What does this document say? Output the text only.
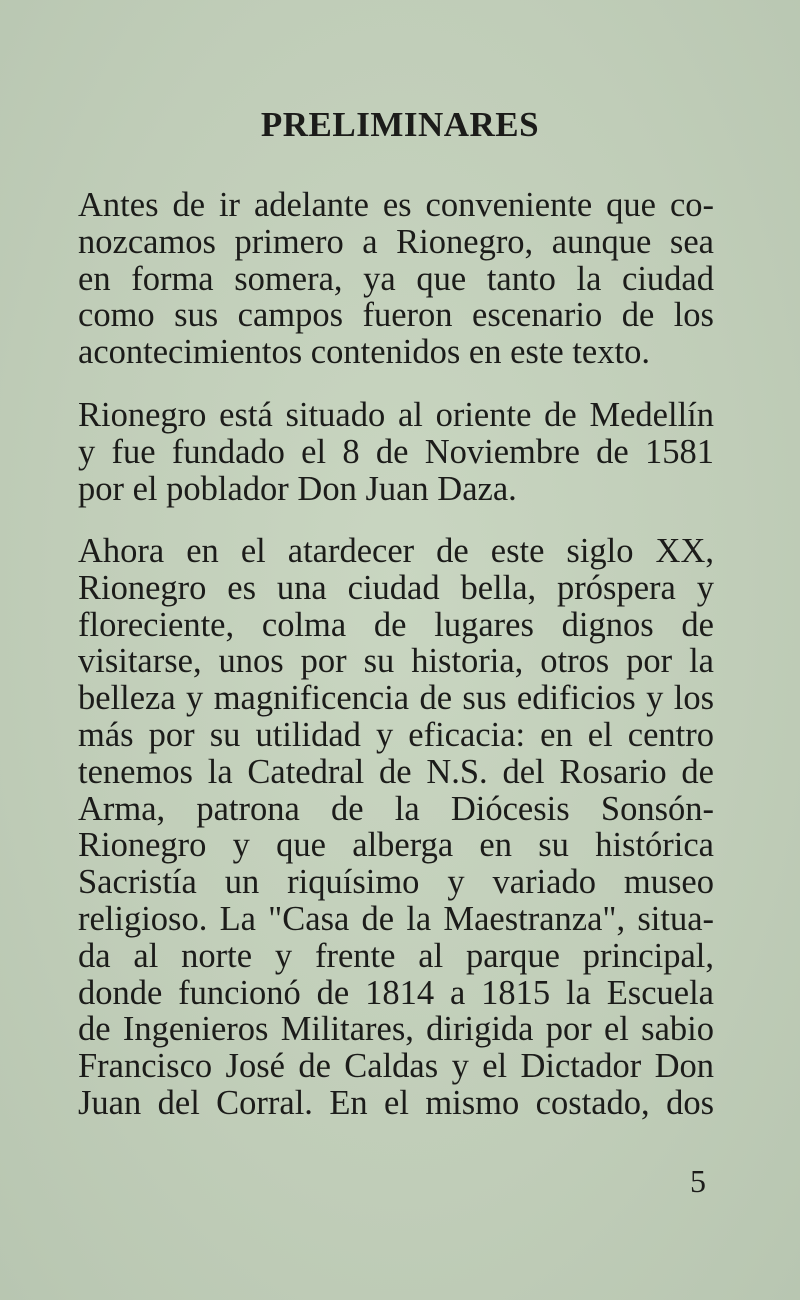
PRELIMINARES

Antes de ir adelante es conveniente que co-
nozcamos primero a Rionegro, aunque sea
en forma somera, ya que tanto la ciudad
como sus campos fueron escenario de los
acontecimientos contenidos en este texto.

Rionegro está situado al oriente de Medellín
y fue fundado el 8 de Noviembre de 1581
por el poblador Don Juan Daza.

Ahora en el atardecer de este siglo XX,
Rionegro es una ciudad bella, próspera y
floreciente, colma de lugares dignos de
visitarse, unos por su historia, otros por la
belleza y magnificencia de sus edificios y los
más por su utilidad y eficacia: en el centro
tenemos la Catedral de N.S. del Rosario de
Arma, patrona de la Diócesis Sonsón-
Rionegro y que alberga en su histórica
Sacristía un riquísimo y variado museo
religioso. La "Casa de la Maestranza", situa-
da al norte y frente al parque principal,
donde funcionó de 1814 a 1815 la Escuela
de Ingenieros Militares, dirigida por el sabio
Francisco José de Caldas y el Dictador Don
Juan del Corral. En el mismo costado, dos

5
